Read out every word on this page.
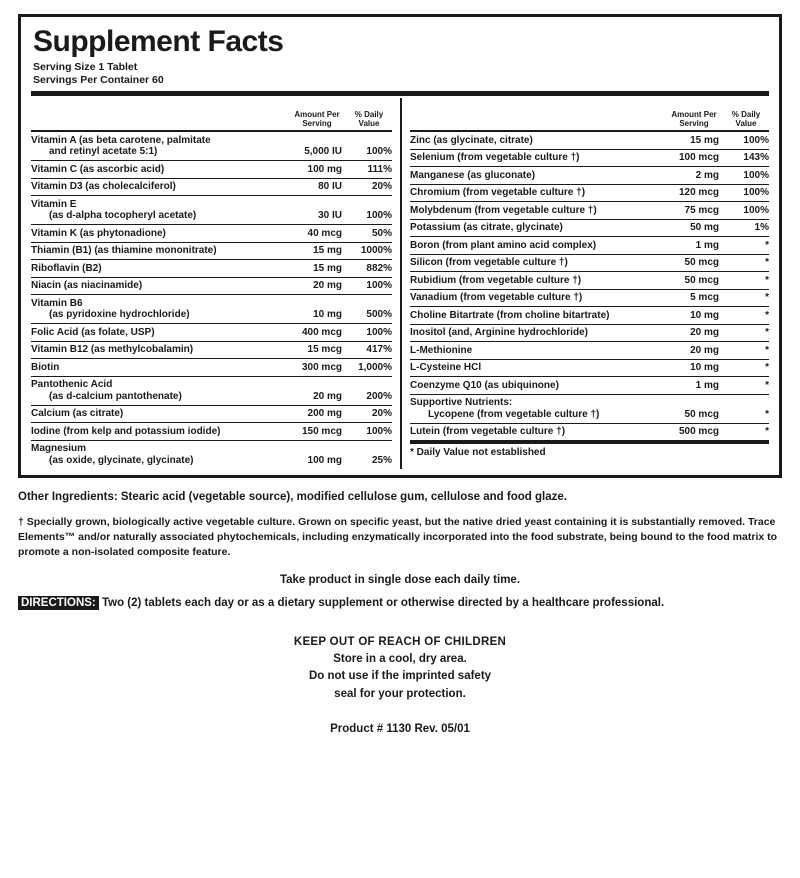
Supplement Facts
Serving Size 1 Tablet
Servings Per Container 60
Amount Per Serving
% Daily Value
Vitamin A (as beta carotene, palmitate
and retinyl acetate 5:1)	5,000 IU	100%
Vitamin C (as ascorbic acid)	100 mg	111%
Vitamin D3 (as cholecalciferol)	80 IU	20%
Vitamin E
(as d-alpha tocopheryl acetate)	30 IU	100%
Vitamin K (as phytonadione)	40 mcg	50%
Thiamin (B1) (as thiamine mononitrate)	15 mg	1000%
Riboflavin (B2)	15 mg	882%
Niacin (as niacinamide)	20 mg	100%
Vitamin B6
(as pyridoxine hydrochloride)	10 mg	500%
Folic Acid (as folate, USP)	400 mcg	100%
Vitamin B12 (as methylcobalamin)	15 mcg	417%
Biotin	300 mcg	1,000%
Pantothenic Acid
(as d-calcium pantothenate)	20 mg	200%
Calcium (as citrate)	200 mg	20%
Iodine (from kelp and potassium iodide)	150 mcg	100%
Magnesium
(as oxide, glycinate, glycinate)	100 mg	25%
Amount Per Serving
% Daily Value
Zinc (as glycinate, citrate)	15 mg	100%
Selenium (from vegetable culture †)	100 mcg	143%
Manganese (as gluconate)	2 mg	100%
Chromium (from vegetable culture †)	120 mcg	100%
Molybdenum (from vegetable culture †)	75 mcg	100%
Potassium (as citrate, glycinate)	50 mg	1%
Boron (from plant amino acid complex)	1 mg	*
Silicon (from vegetable culture †)	50 mcg	*
Rubidium (from vegetable culture †)	50 mcg	*
Vanadium (from vegetable culture †)	5 mcg	*
Choline Bitartrate (from choline bitartrate)	10 mg	*
Inositol (and, Arginine hydrochloride)	20 mg	*
L-Methionine	20 mg	*
L-Cysteine HCl	10 mg	*
Coenzyme Q10 (as ubiquinone)	1 mg	*
Supportive Nutrients:
Lycopene (from vegetable culture †)	50 mcg	*
Lutein (from vegetable culture †)	500 mcg	*
* Daily Value not established
Other Ingredients: Stearic acid (vegetable source), modified cellulose gum, cellulose and food glaze.
† Specially grown, biologically active vegetable culture. Grown on specific yeast, but the native dried yeast containing it is substantially removed. Trace Elements™ and/or naturally associated phytochemicals, including enzymatically incorporated into the food substrate, being bound to the food matrix to promote a non-isolated composite feature.
Take product in single dose each daily time.
DIRECTIONS: Two (2) tablets each day or as a dietary supplement or otherwise directed by a healthcare professional.
KEEP OUT OF REACH OF CHILDREN
Store in a cool, dry area.
Do not use if the imprinted safety
seal for your protection.
Product # 1130 Rev. 05/01
